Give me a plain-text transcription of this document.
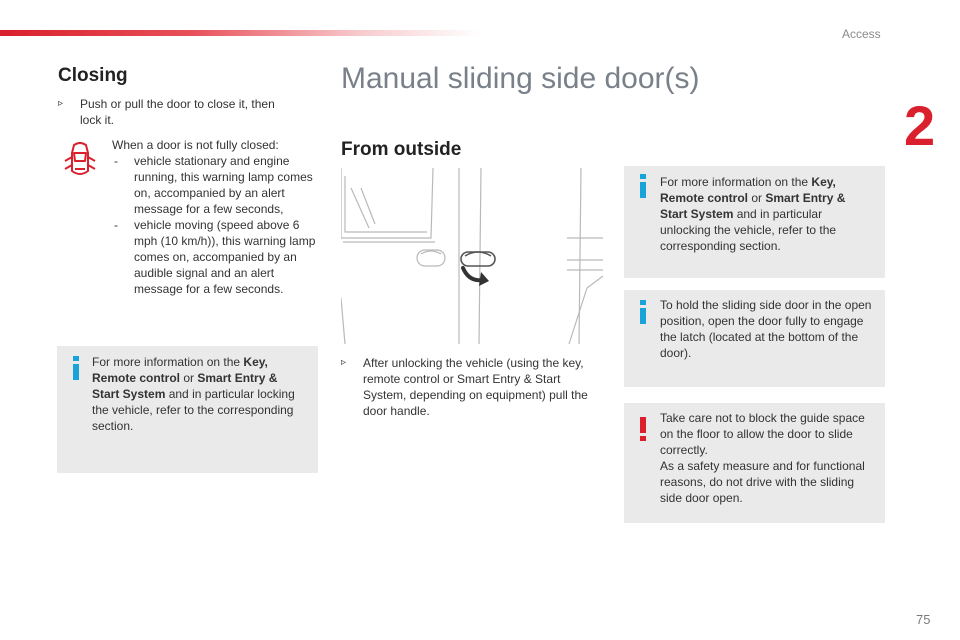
Access
2
Closing
▹	Push or pull the door to close it, then lock it.
When a door is not fully closed:
- vehicle stationary and engine running, this warning lamp comes on, accompanied by an alert message for a few seconds,
- vehicle moving (speed above 6 mph (10 km/h)), this warning lamp comes on, accompanied by an audible signal and an alert message for a few seconds.
For more information on the Key, Remote control or Smart Entry & Start System and in particular locking the vehicle, refer to the corresponding section.
Manual sliding side door(s)
From outside
▹	After unlocking the vehicle (using the key, remote control or Smart Entry & Start System, depending on equipment) pull the door handle.
For more information on the Key, Remote control or Smart Entry & Start System and in particular unlocking the vehicle, refer to the corresponding section.
To hold the sliding side door in the open position, open the door fully to engage the latch (located at the bottom of the door).
Take care not to block the guide space on the floor to allow the door to slide correctly.
As a safety measure and for functional reasons, do not drive with the sliding side door open.
75
